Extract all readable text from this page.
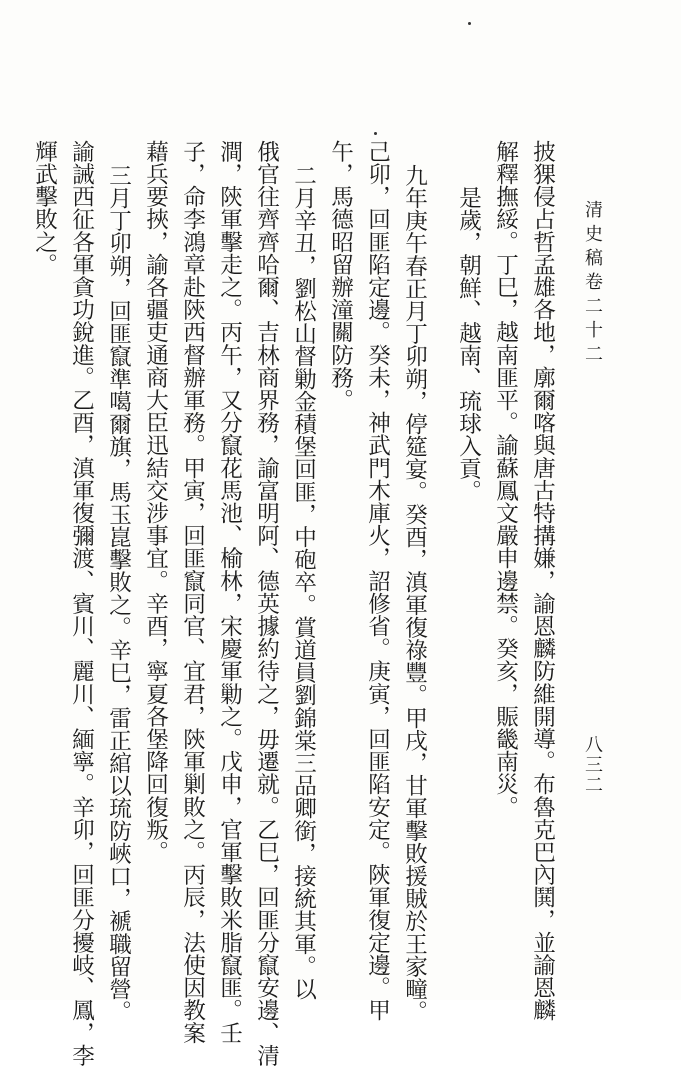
清史稿卷二十二
八三二
披猓侵占哲孟雄各地，廓爾喀與唐古特搆嫌，諭恩麟防維開導。布魯克巴內鬨，並諭恩麟
解釋撫綏。丁巳，越南匪平。諭蘇鳳文嚴申邊禁。癸亥，賑畿南災。
是歲，朝鮮、越南、琉球入貢。
九年庚午春正月丁卯朔，停筵宴。癸酉，滇軍復祿豐。甲戌，甘軍擊敗援賊於王家疃。
己卯，回匪陷定邊。癸未，神武門木庫火，詔修省。庚寅，回匪陷安定。陝軍復定邊。甲
午，馬德昭留辦潼關防務。
二月辛丑，劉松山督勦金積堡回匪，中砲卒。賞道員劉錦棠三品卿銜，接統其軍。以
俄官往齊齊哈爾、吉林商界務，諭富明阿、德英據約待之，毋遷就。乙巳，回匪分竄安邊、清
澗，陝軍擊走之。丙午，又分竄花馬池、榆林，宋慶軍勦之。戊申，官軍擊敗米脂竄匪。壬
子，命李鴻章赴陝西督辦軍務。甲寅，回匪竄同官、宜君，陝軍剿敗之。丙辰，法使因教案
藉兵要挾，諭各疆吏通商大臣迅結交涉事宜。辛酉，寧夏各堡降回復叛。
三月丁卯朔，回匪竄準噶爾旗，馬玉崑擊敗之。辛巳，雷正綰以琉防峽口，褫職留營。
諭誡西征各軍貪功銳進。乙酉，滇軍復彌渡、賓川、麗川、緬寧。辛卯，回匪分擾岐、鳳，李
輝武擊敗之。
